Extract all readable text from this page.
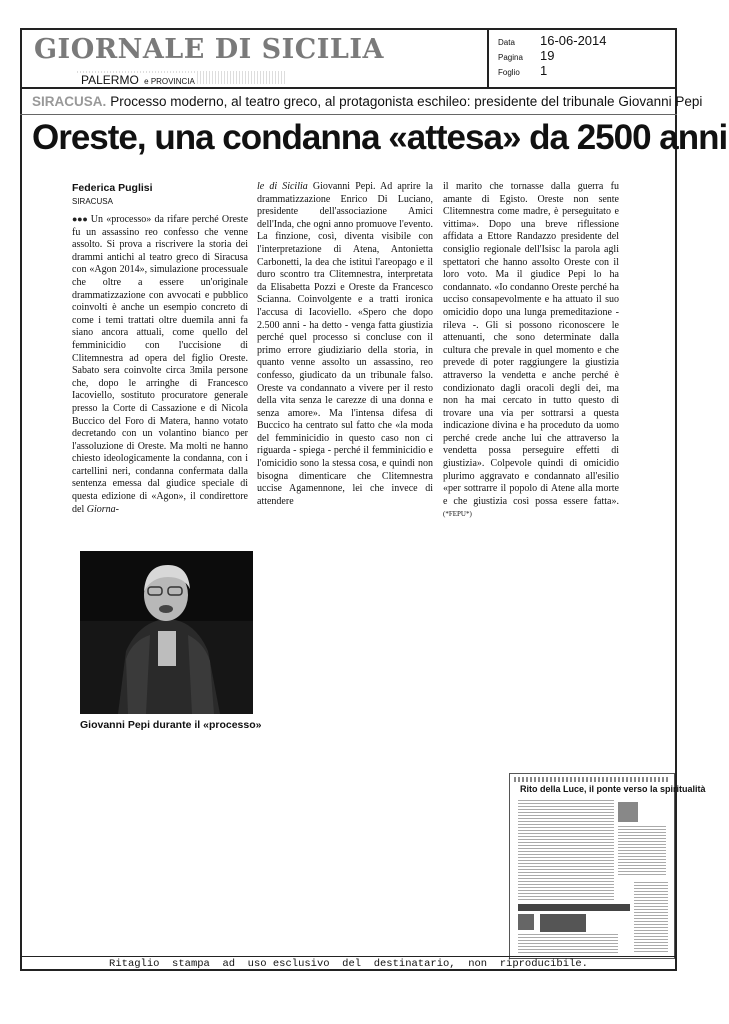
GIORNALE DI SICILIA
PALERMO e PROVINCIA
Data	16-06-2014
Pagina	19
Foglio	1
SIRACUSA. Processo moderno, al teatro greco, al protagonista eschileo: presidente del tribunale Giovanni Pepi
Oreste, una condanna «attesa» da 2500 anni
Federica Puglisi
SIRACUSA
●●● Un «processo» da rifare perché Oreste fu un assassino reo confesso che venne assolto. Si prova a riscrivere la storia dei drammi antichi al teatro greco di Siracusa con «Agon 2014», simulazione processuale che oltre a essere un'originale drammatizzazione con avvocati e pubblico coinvolti è anche un esempio concreto di come i temi trattati oltre duemila anni fa siano ancora attuali, come quello del femminicidio con l'uccisione di Clitemnestra ad opera del figlio Oreste. Sabato sera coinvolte circa 3mila persone che, dopo le arringhe di Francesco Iacoviello, sostituto procuratore generale presso la Corte di Cassazione e di Nicola Buccico del Foro di Matera, hanno votato decretando con un volantino bianco per l'assoluzione di Oreste. Ma molti ne hanno chiesto ideologicamente la condanna, con i cartellini neri, condanna confermata dalla sentenza emessa dal giudice speciale di questa edizione di «Agon», il condirettore del Giorna-
le di Sicilia Giovanni Pepi. Ad aprire la drammatizzazione Enrico Di Luciano, presidente dell'associazione Amici dell'Inda, che ogni anno promuove l'evento. La finzione, così, diventa visibile con l'interpretazione di Atena, Antonietta Carbonetti, la dea che istituì l'areopago e il duro scontro tra Clitemnestra, interpretata da Elisabetta Pozzi e Oreste da Francesco Scianna. Coinvolgente e a tratti ironica l'accusa di Iacoviello. «Spero che dopo 2.500 anni - ha detto - venga fatta giustizia perché quel processo si concluse con il primo errore giudiziario della storia, in quanto venne assolto un assassino, reo confesso, giudicato da un tribunale falso. Oreste va condannato a vivere per il resto della vita senza le carezze di una donna e senza amore». Ma l'intensa difesa di Buccico ha centrato sul fatto che «la moda del femminicidio in questo caso non ci riguarda - spiega - perché il femminicidio e l'omicidio sono la stessa cosa, e quindi non bisogna dimenticare che Clitemnestra uccise Agamennone, lei che invece di attendere
il marito che tornasse dalla guerra fu amante di Egisto. Oreste non sente Clitemnestra come madre, è perseguitato e vittima». Dopo una breve riflessione affidata a Ettore Randazzo presidente del consiglio regionale dell'Isisc la parola agli spettatori che hanno assolto Oreste con il loro voto. Ma il giudice Pepi lo ha condannato. «Io condanno Oreste perché ha ucciso consapevolmente e ha attuato il suo omicidio dopo una lunga premeditazione - rileva -. Gli si possono riconoscere le attenuanti, che sono determinate dalla cultura che prevale in quel momento e che prevede di poter raggiungere la giustizia attraverso la vendetta e anche perché è condizionato dagli oracoli degli dei, ma non ha mai cercato in tutto questo di trovare una via per sottrarsi a questa indicazione divina e ha proceduto da uomo perché crede anche lui che attraverso la vendetta possa perseguire effetti di giustizia». Colpevole quindi di omicidio plurimo aggravato e condannato all'esilio «per sottrarre il popolo di Atene alla morte e che giustizia così possa essere fatta». (*FEPU*)
Giovanni Pepi durante il «processo»
Rito della Luce, il ponte verso la spiritualità
Ritaglio  stampa  ad  uso esclusivo  del  destinatario,  non  riproducibile.
